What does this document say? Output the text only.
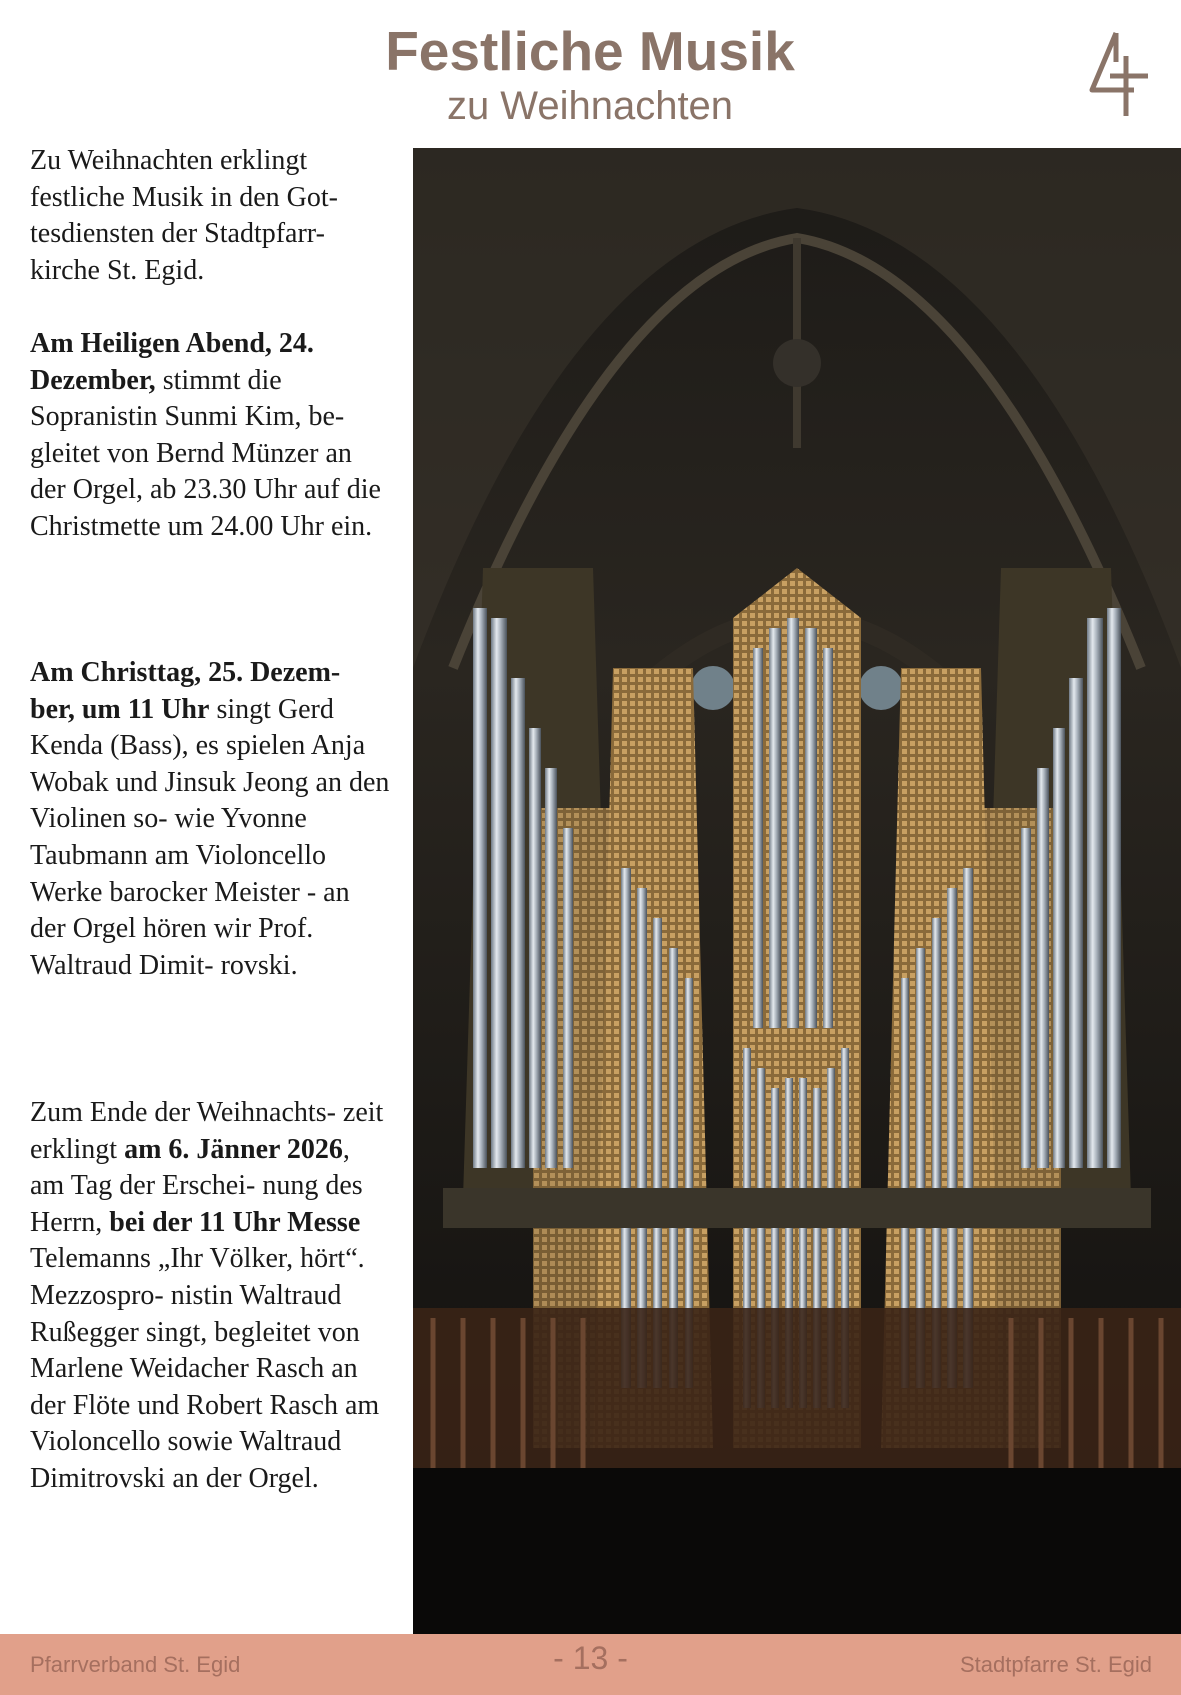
Festliche Musik
zu Weihnachten

Zu Weihnachten erklingt festliche Musik in den Got- tesdiensten der Stadtpfarr- kirche St. Egid.

Am Heiligen Abend, 24. Dezember, stimmt die Sopranistin Sunmi Kim, be- gleitet von Bernd Münzer an der Orgel, ab 23.30 Uhr auf die Christmette um 24.00 Uhr ein.

Am Christtag, 25. Dezem- ber, um 11 Uhr singt Gerd Kenda (Bass), es spielen Anja Wobak und Jinsuk Jeong an den Violinen so- wie Yvonne Taubmann am Violoncello Werke barocker Meister - an der Orgel hören wir Prof. Waltraud Dimit- rovski.

Zum Ende der Weihnachts- zeit erklingt am 6. Jänner 2026, am Tag der Erschei- nung des Herrn, bei der 11 Uhr Messe Telemanns „Ihr Völker, hört“. Mezzospro- nistin Waltraud Rußegger singt, begleitet von Marlene Weidacher Rasch an der Flöte und Robert Rasch am Violoncello sowie Waltraud Dimitrovski an der Orgel.

Pfarrverband St. Egid	- 13 -	Stadtpfarre St. Egid
